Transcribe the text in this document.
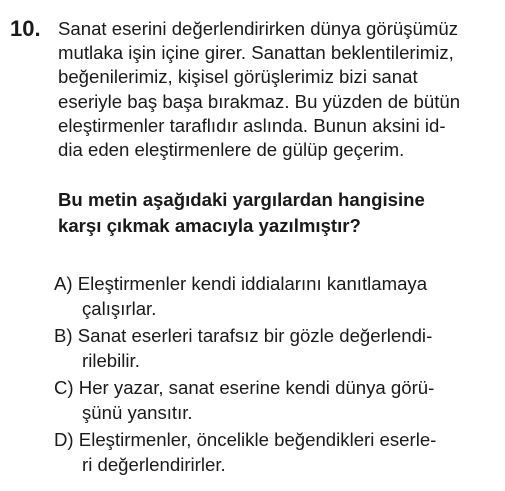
10. Sanat eserini değerlendirirken dünya görüşümüz
mutlaka işin içine girer. Sanattan beklentilerimiz,
beğenilerimiz, kişisel görüşlerimiz bizi sanat
eseriyle baş başa bırakmaz. Bu yüzden de bütün
eleştirmenler taraflıdır aslında. Bunun aksini id-
dia eden eleştirmenlere de gülüp geçerim.
Bu metin aşağıdaki yargılardan hangisine
karşı çıkmak amacıyla yazılmıştır?
A) Eleştirmenler kendi iddialarını kanıtlamaya
çalışırlar.
B) Sanat eserleri tarafsız bir gözle değerlendi-
rilebilir.
C) Her yazar, sanat eserine kendi dünya görü-
şünü yansıtır.
D) Eleştirmenler, öncelikle beğendikleri eserle-
ri değerlendirirler.
